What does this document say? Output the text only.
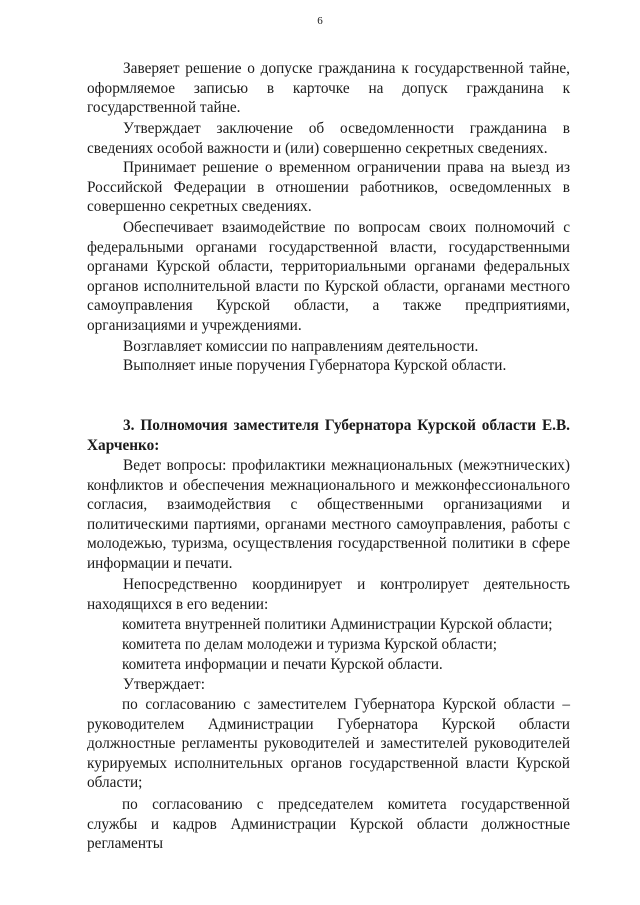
6
Заверяет решение о допуске гражданина к государственной тайне, оформляемое записью в карточке на допуск гражданина к государственной тайне.
Утверждает заключение об осведомленности гражданина в сведениях особой важности и (или) совершенно секретных сведениях.
Принимает решение о временном ограничении права на выезд из Российской Федерации в отношении работников, осведомленных в совершенно секретных сведениях.
Обеспечивает взаимодействие по вопросам своих полномочий с федеральными органами государственной власти, государственными органами Курской области, территориальными органами федеральных органов исполнительной власти по Курской области, органами местного самоуправления Курской области, а также предприятиями, организациями и учреждениями.
Возглавляет комиссии по направлениям деятельности.
Выполняет иные поручения Губернатора Курской области.
3. Полномочия заместителя Губернатора Курской области Е.В. Харченко:
Ведет вопросы: профилактики межнациональных (межэтнических) конфликтов и обеспечения межнационального и межконфессионального согласия, взаимодействия с общественными организациями и политическими партиями, органами местного самоуправления, работы с молодежью, туризма, осуществления государственной политики в сфере информации и печати.
Непосредственно координирует и контролирует деятельность находящихся в его ведении:
комитета внутренней политики Администрации Курской области;
комитета по делам молодежи и туризма Курской области;
комитета информации и печати Курской области.
Утверждает:
по согласованию с заместителем Губернатора Курской области – руководителем Администрации Губернатора Курской области должностные регламенты руководителей и заместителей руководителей курируемых исполнительных органов государственной власти Курской области;
по согласованию с председателем комитета государственной службы и кадров Администрации Курской области должностные регламенты
